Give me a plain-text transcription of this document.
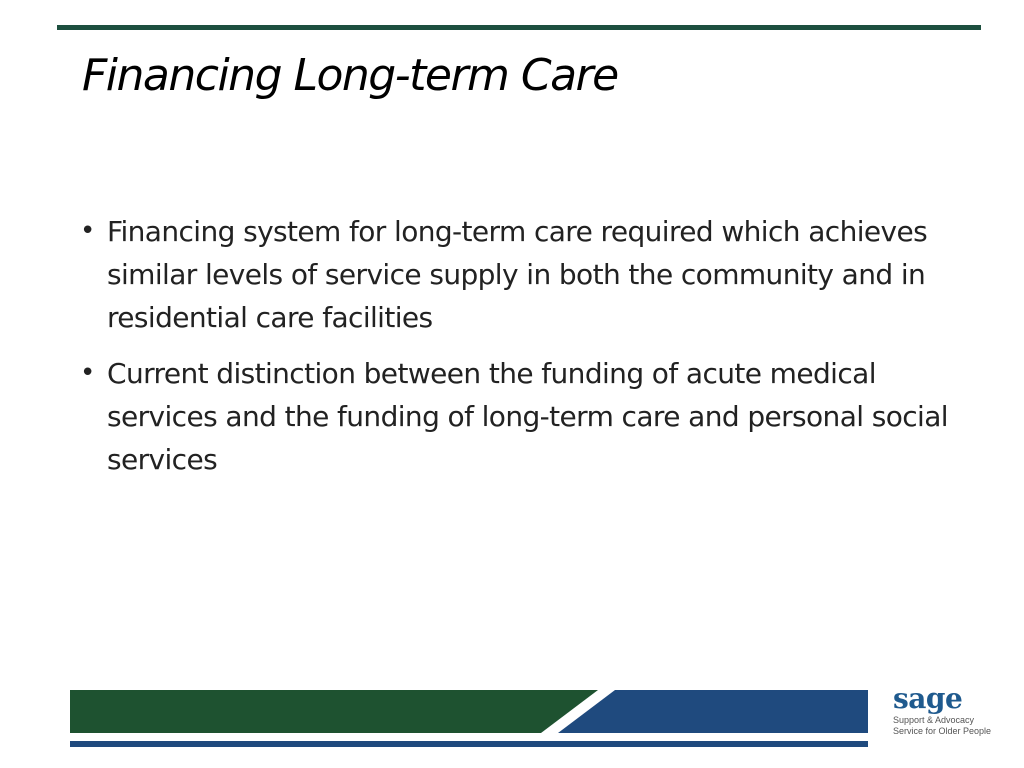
Financing Long-term Care
• Financing system for long-term care required which achieves similar levels of service supply in both the community and in residential care facilities
• Current distinction between the funding of acute medical services and the funding of long-term care and personal social services
sage
Support & Advocacy Service for Older People
